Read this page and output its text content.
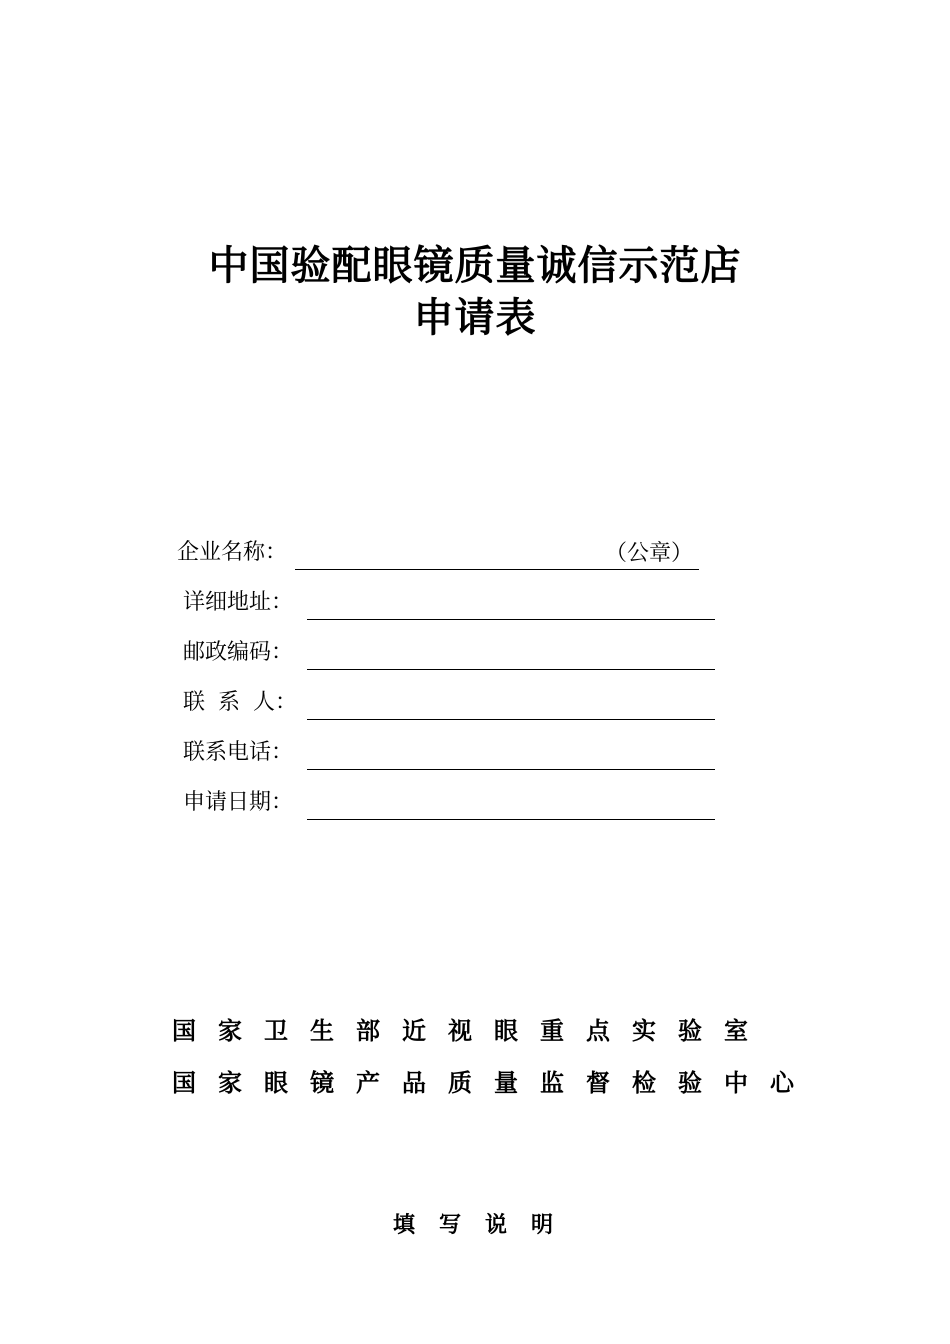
中国验配眼镜质量诚信示范店
申请表
企业名称：	（公章）
详细地址：
邮政编码：
联 系 人：
联系电话：
申请日期：
国家卫生部近视眼重点实验室
国家眼镜产品质量监督检验中心
填写说明
